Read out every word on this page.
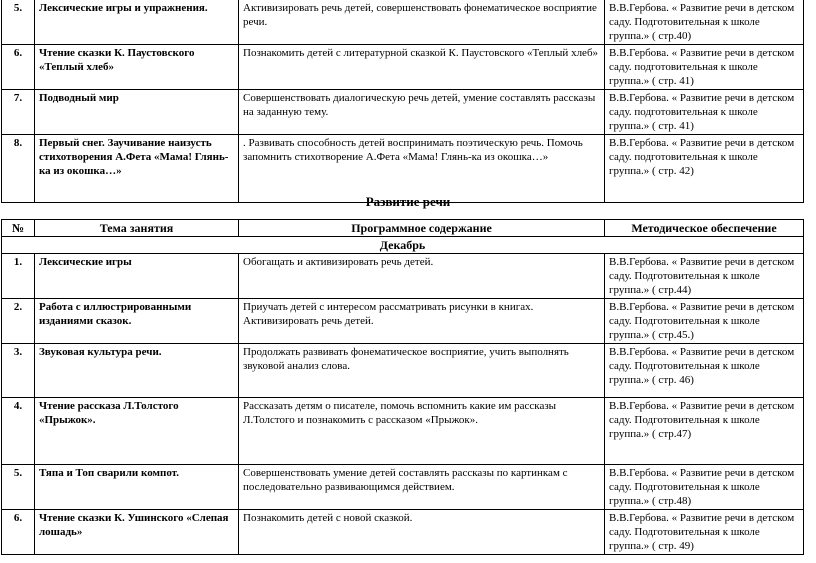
5.	Лексические игры и упражнения.	Активизировать речь детей, совершенствовать фонематическое восприятие речи.	В.В.Гербова. « Развитие речи в детском саду. Подготовительная к школе группа.» ( стр.40)
6.	Чтение сказки К. Паустовского «Теплый хлеб»	Познакомить детей с литературной сказкой К. Паустовского «Теплый хлеб»	В.В.Гербова. « Развитие речи в детском саду. подготовительная к школе группа.» ( стр. 41)
7.	Подводный мир	Совершенствовать диалогическую речь детей, умение составлять рассказы на заданную тему.	В.В.Гербова. « Развитие речи в детском саду. подготовительная к школе группа.» ( стр. 41)
8.	Первый снег. Заучивание наизусть стихотворения А.Фета «Мама! Глянь-ка из окошка…»	. Развивать способность детей воспринимать поэтическую речь. Помочь запомнить стихотворение А.Фета «Мама! Глянь-ка из окошка…»	В.В.Гербова. « Развитие речи в детском саду. подготовительная к школе группа.» ( стр. 42)
Развитие речи
№	Тема занятия	Программное содержание	Методическое обеспечение
Декабрь			
1.	Лексические игры	Обогащать и активизировать речь детей.	В.В.Гербова. « Развитие речи в детском саду. Подготовительная к школе группа.» ( стр.44)
2.	Работа с иллюстрированными изданиями сказок.	Приучать детей с интересом рассматривать рисунки в книгах. Активизировать речь детей.	В.В.Гербова. « Развитие речи в детском саду. Подготовительная к школе группа.» ( стр.45.)
3.	Звуковая культура речи.	Продолжать развивать фонематическое восприятие, учить выполнять звуковой анализ слова.	В.В.Гербова. « Развитие речи в детском саду. Подготовительная к школе группа.» ( стр. 46)
4.	Чтение рассказа Л.Толстого «Прыжок».	Рассказать детям о писателе, помочь вспомнить какие им рассказы Л.Толстого и познакомить с рассказом «Прыжок».	В.В.Гербова. « Развитие речи в детском саду. Подготовительная к школе группа.» ( стр.47)
5.	Тяпа и Топ сварили компот.	Совершенствовать умение детей составлять рассказы по картинкам с последовательно развивающимся действием.	В.В.Гербова. « Развитие речи в детском саду. Подготовительная к школе группа.» ( стр.48)
6.	Чтение сказки К. Ушинского «Слепая лошадь»	Познакомить детей с новой сказкой.	В.В.Гербова. « Развитие речи в детском саду. Подготовительная к школе группа.» ( стр. 49)
